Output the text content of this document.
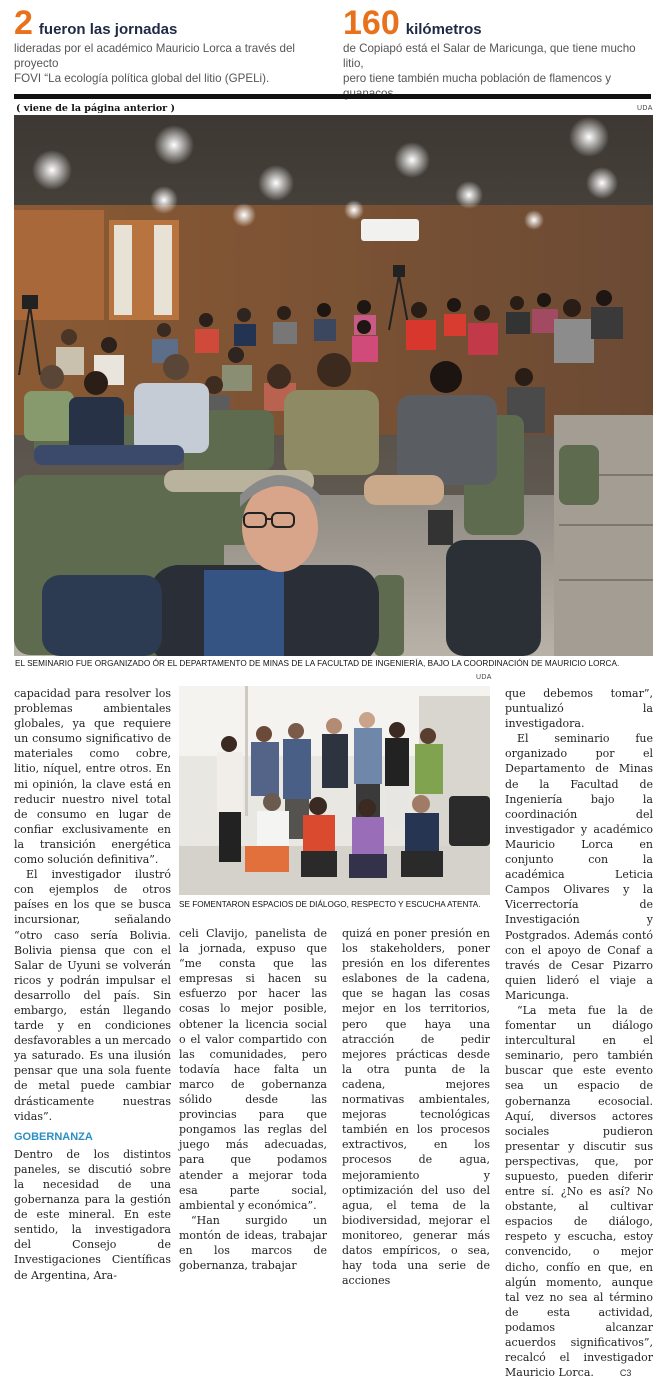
2 fueron las jornadas
lideradas por el académico Mauricio Lorca a través del proyecto
FOVI “La ecología política global del litio (GPELi).
160 kilómetros
de Copiapó está el Salar de Maricunga, que tiene mucho litio,
pero tiene también mucha población de flamencos y
( viene de la página anterior )	UDA
EL SEMINARIO FUE ORGANIZADO ÓR EL DEPARTAMENTO DE MINAS DE LA FACULTAD DE INGENIERÍA, BAJO LA COORDINACIÓN DE MAURICIO LORCA.
UDA

capacidad para resolver los problemas ambientales globales, ya que requiere un consumo significativo de materiales como cobre, litio, níquel, entre otros. En mi opinión, la clave está en reducir nuestro nivel total de consumo en lugar de confiar exclusivamente en la transición energética como solución definitiva”.

El investigador ilustró con ejemplos de otros países en los que se busca incursionar, señalando “otro caso sería Bolivia. Bolivia piensa que con el Salar de Uyuni se volverán ricos y podrán impulsar el desarrollo del país. Sin embargo, están llegando tarde y en condiciones desfavorables a un mercado ya saturado. Es una ilusión pensar que una sola fuente de metal puede cambiar drásticamente nuestras vidas”.

GOBERNANZA

Dentro de los distintos paneles, se discutió sobre la necesidad de una gobernanza para la gestión de este mineral. En este sentido, la investigadora del Consejo de Investigaciones Científicas de Argentina, Ara-

SE FOMENTARON ESPACIOS DE DIÁLOGO, RESPECTO Y ESCUCHA ATENTA.

celi Clavijo, panelista de la jornada, expuso que “me consta que las empresas si hacen su esfuerzo por hacer las cosas lo mejor posible, obtener la licencia social o el valor compartido con las comunidades, pero todavía hace falta un marco de gobernanza sólido desde las provincias para que pongamos las reglas del juego más adecuadas, para que podamos atender a mejorar toda esa parte social, ambiental y económica”.

“Han surgido un montón de ideas, trabajar en los marcos de gobernanza, trabajar

quizá en poner presión en los stakeholders, poner presión en los diferentes eslabones de la cadena, que se hagan las cosas mejor en los territorios, pero que haya una atracción de pedir mejores prácticas desde la otra punta de la cadena, mejores normativas ambientales, mejoras tecnológicas también en los procesos extractivos, en los procesos de agua, mejoramiento y optimización del uso del agua, el tema de la biodiversidad, mejorar el monitoreo, generar más datos empíricos, o sea, hay toda una serie de acciones

que debemos tomar”, puntualizó la investigadora.

El seminario fue organizado por el Departamento de Minas de la Facultad de Ingeniería bajo la coordinación del investigador y académico Mauricio Lorca en conjunto con la académica Leticia Campos Olivares y la Vicerrectoría de Investigación y Postgrados. Además contó con el apoyo de Conaf a través de Cesar Pizarro quien lideró el viaje a Maricunga.

“La meta fue la de fomentar un diálogo intercultural en el seminario, pero también buscar que este evento sea un espacio de gobernanza ecosocial. Aquí, diversos actores sociales pudieron presentar y discutir sus perspectivas, que, por supuesto, pueden diferir entre sí. ¿No es así? No obstante, al cultivar espacios de diálogo, respeto y escucha, estoy convencido, o mejor dicho, confío en que, en algún momento, aunque tal vez no sea al término de esta actividad, podamos alcanzar acuerdos significativos”, recalcó el investigador Mauricio Lorca.	C3
